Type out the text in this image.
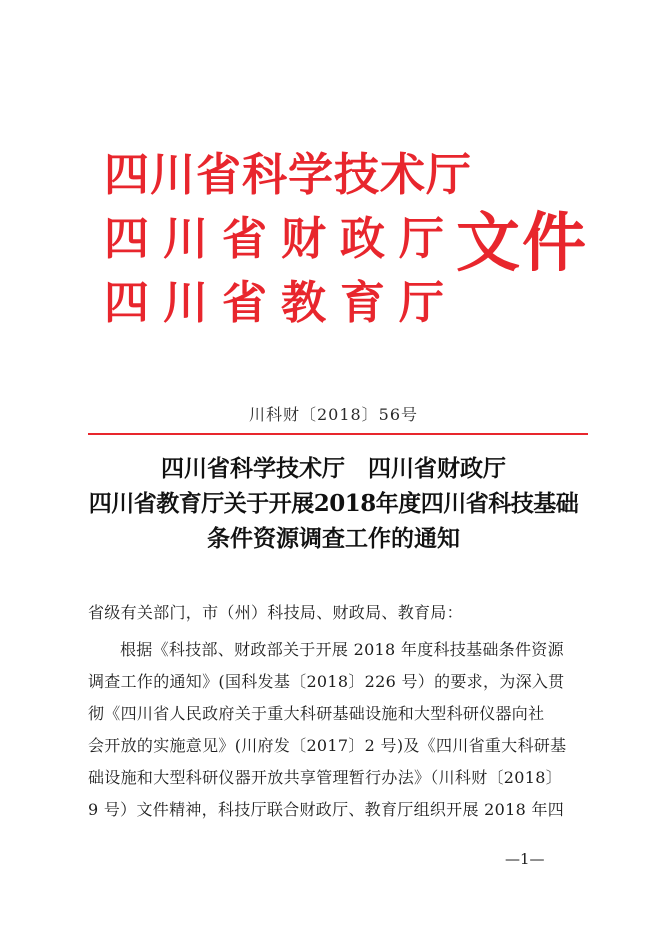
四川省科学技术厅
四川省财政厅
四川省教育厅
文件
川科财〔2018〕56号
四川省科学技术厅　四川省财政厅
四川省教育厅关于开展2018年度四川省科技基础
条件资源调查工作的通知
省级有关部门，市（州）科技局、财政局、教育局：
根据《科技部、财政部关于开展 2018 年度科技基础条件资源
调查工作的通知》(国科发基〔2018〕226 号）的要求，为深入贯
彻《四川省人民政府关于重大科研基础设施和大型科研仪器向社
会开放的实施意见》(川府发〔2017〕2 号)及《四川省重大科研基
础设施和大型科研仪器开放共享管理暂行办法》（川科财〔2018〕
9 号）文件精神，科技厅联合财政厅、教育厅组织开展 2018 年四
—1—
